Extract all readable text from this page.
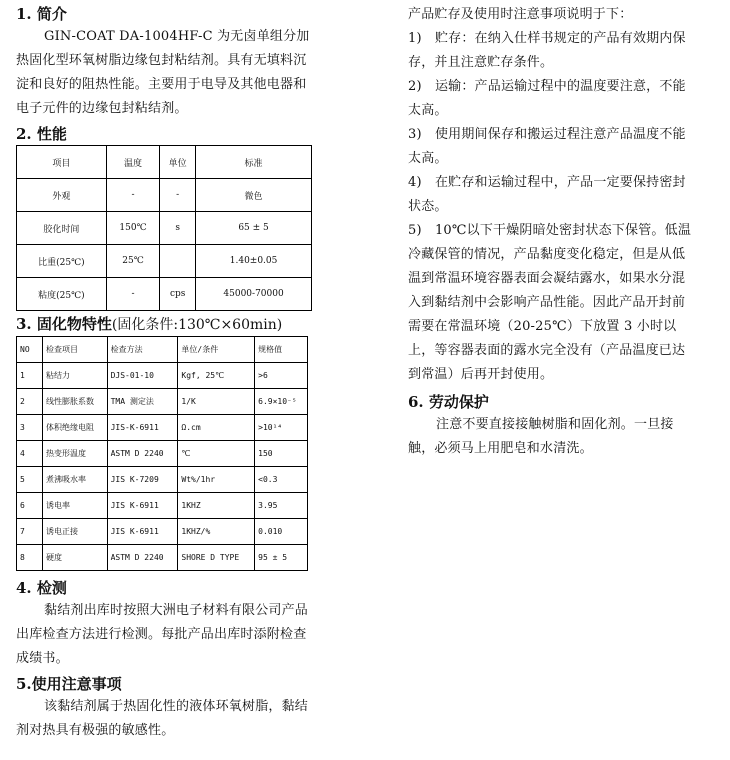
1. 简介

GIN-COAT DA-1004HF-C 为无卤单组分加热固化型环氧树脂边缘包封粘结剂。具有无填料沉淀和良好的阻热性能。主要用于电导及其他电器和电子元件的边缘包封粘结剂。

2. 性能

项目	温度	单位	标准
外观	-	-	微色
胶化时间	150℃	s	65 ± 5
比重(25℃)	25℃		1.40±0.05
粘度(25℃)	-	cps	45000-70000

3. 固化物特性(固化条件:130℃×60min)

NO	检查项目	检查方法	单位/条件	规格值
1	粘结力	DJS-01-10	Kgf, 25℃	>6
2	线性膨胀系数	TMA 测定法	1/K	6.9×10⁻⁵
3	体积绝缘电阻	JIS-K-6911	Ω.cm	>10¹⁴
4	热变形温度	ASTM D 2240	℃	150
5	煮沸吸水率	JIS K-7209	Wt%/1hr	<0.3
6	诱电率	JIS K-6911	1KHZ	3.95
7	诱电正接	JIS K-6911	1KHZ/%	0.010
8	硬度	ASTM D 2240	SHORE D TYPE	95 ± 5

4. 检测

黏结剂出库时按照大洲电子材料有限公司产品出库检查方法进行检测。每批产品出库时添附检查成绩书。

5.使用注意事项

该黏结剂属于热固化性的液体环氧树脂，黏结剂对热具有极强的敏感性。

产品贮存及使用时注意事项说明于下：

1)　贮存：在纳入仕样书规定的产品有效期内保存，并且注意贮存条件。

2)　运输：产品运输过程中的温度要注意，不能太高。

3)　使用期间保存和搬运过程注意产品温度不能太高。

4)　在贮存和运输过程中，产品一定要保持密封状态。

5)　10℃以下干燥阴暗处密封状态下保管。低温冷藏保管的情况，产品黏度变化稳定，但是从低温到常温环境容器表面会凝结露水，如果水分混入到黏结剂中会影响产品性能。因此产品开封前需要在常温环境（20-25℃）下放置 3 小时以上，等容器表面的露水完全没有（产品温度已达到常温）后再开封使用。

6. 劳动保护

注意不要直接接触树脂和固化剂。一旦接触，必须马上用肥皂和水清洗。
